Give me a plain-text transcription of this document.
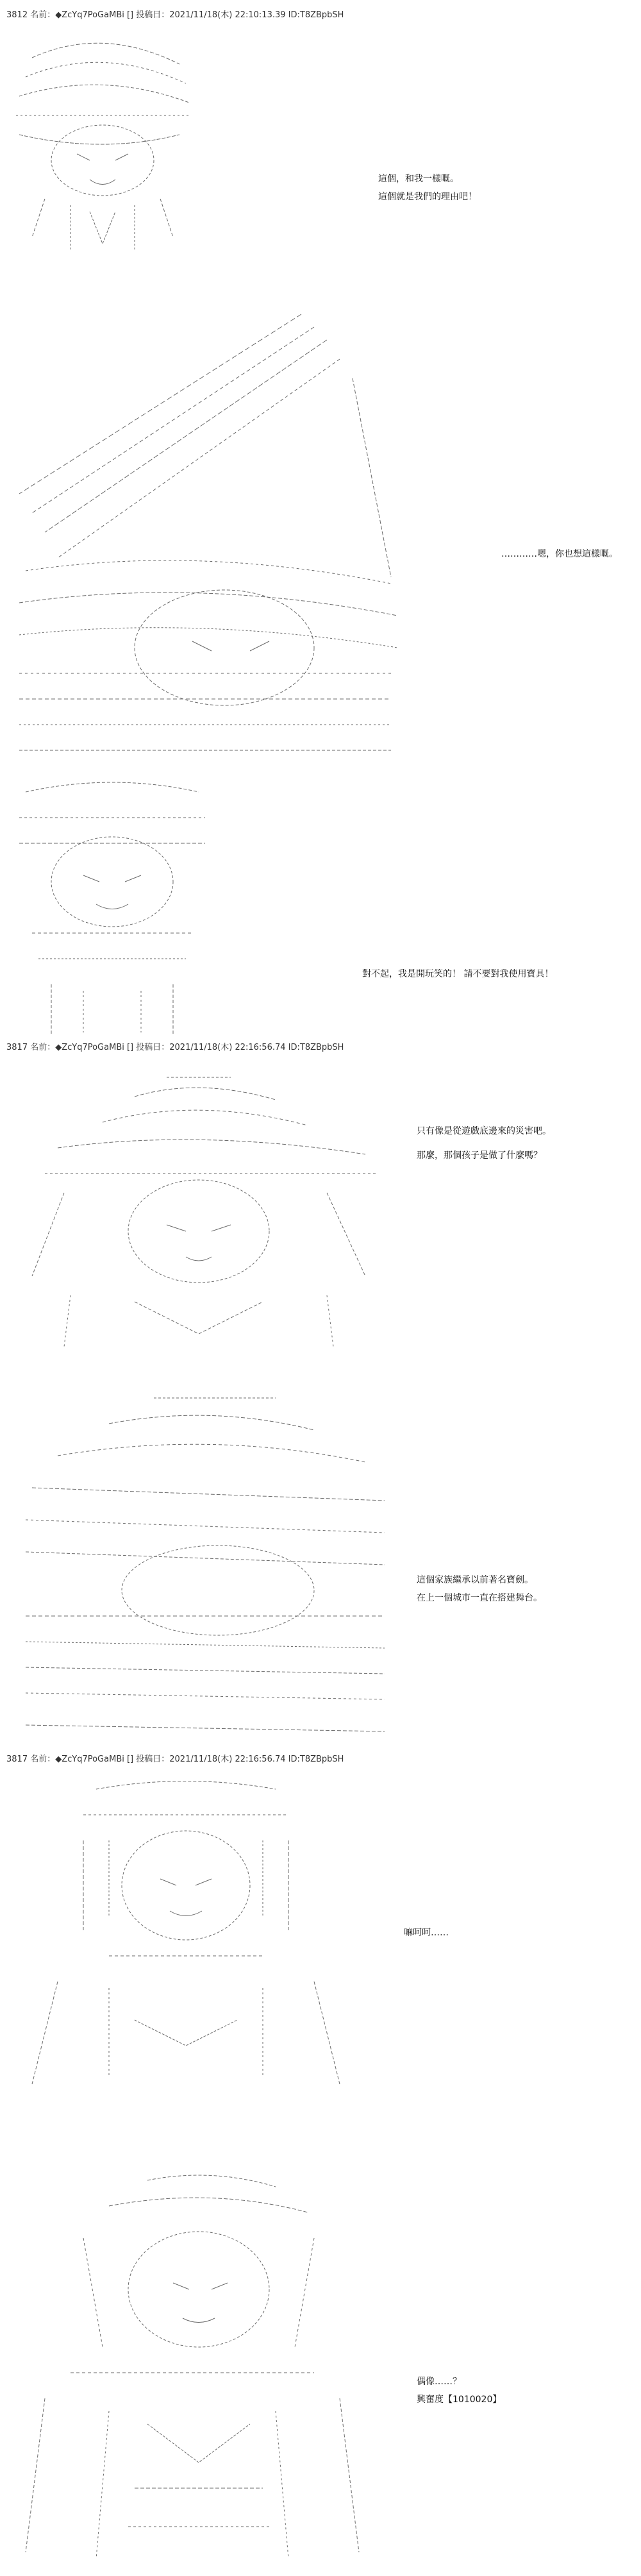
3812 名前：◆ZcYq7PoGaMBi [] 投稿日：2021/11/18(木) 22:10:13.39 ID:T8ZBpbSH
這個，和我一樣嘅。
這個就是我們的理由吧！
…………嗯，你也想這樣嘅。
對不起，我是開玩笑的！ 請不要對我使用寶具！
3817 名前：◆ZcYq7PoGaMBi [] 投稿日：2021/11/18(木) 22:16:56.74 ID:T8ZBpbSH
只有像是從遊戲底邊來的災害吧。
那麼，那個孩子是做了什麼嗎？
這個家族繼承以前著名寶劍。
在上一個城市一直在搭建舞台。
3817 名前：◆ZcYq7PoGaMBi [] 投稿日：2021/11/18(木) 22:16:56.74 ID:T8ZBpbSH
嘛呵呵……
偶像……？
興奮度【1010020】
